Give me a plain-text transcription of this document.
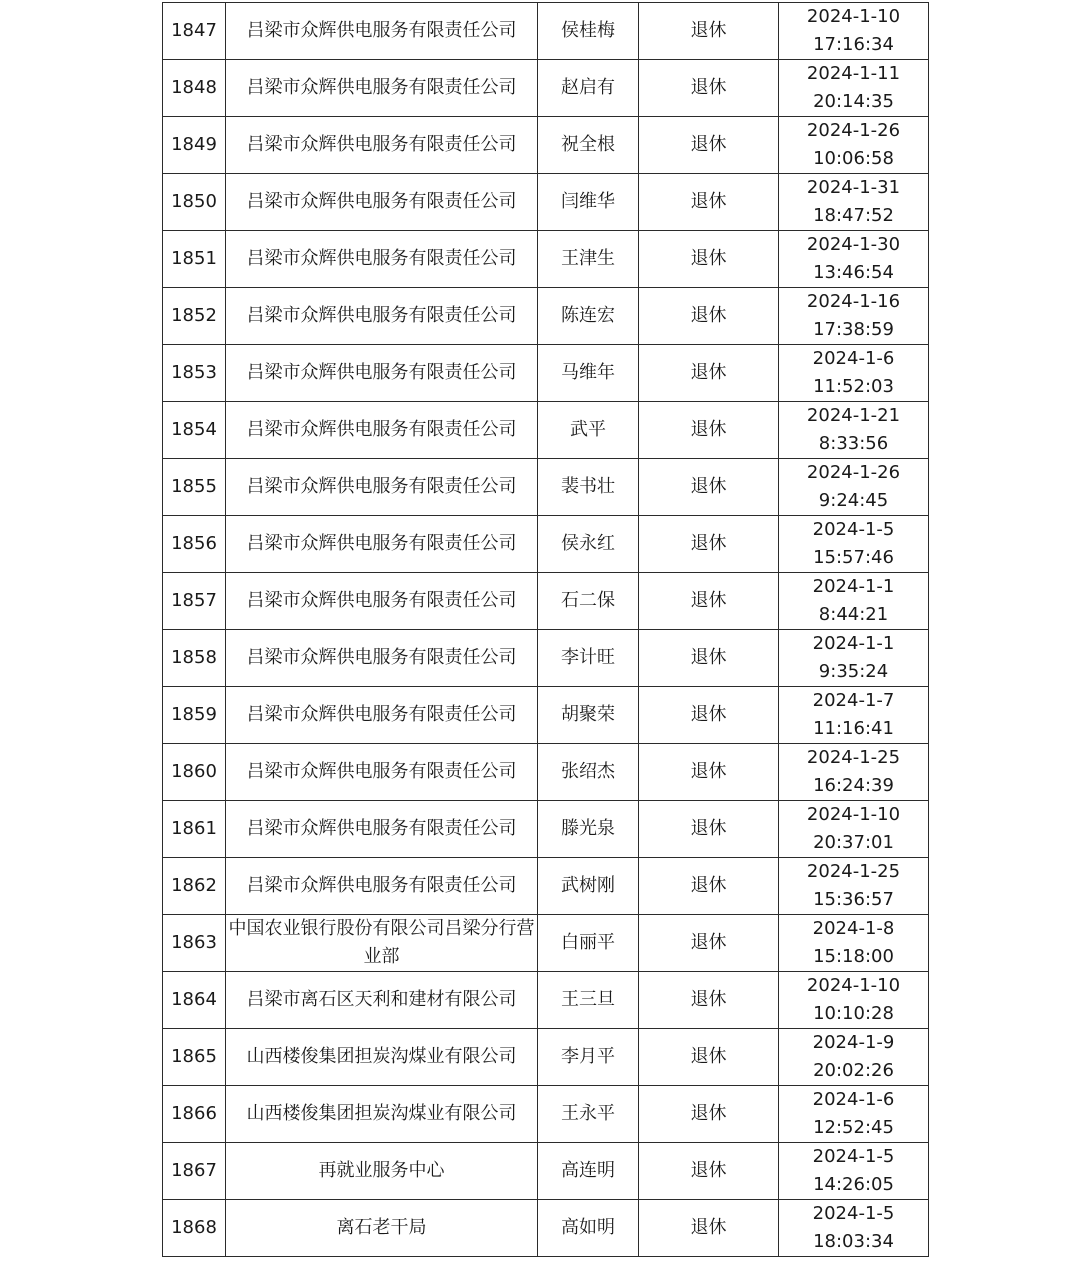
1847	吕梁市众辉供电服务有限责任公司	侯桂梅	退休	2024-1-10
17:16:34

1848	吕梁市众辉供电服务有限责任公司	赵启有	退休	2024-1-11
20:14:35

1849	吕梁市众辉供电服务有限责任公司	祝全根	退休	2024-1-26
10:06:58

1850	吕梁市众辉供电服务有限责任公司	闫维华	退休	2024-1-31
18:47:52

1851	吕梁市众辉供电服务有限责任公司	王津生	退休	2024-1-30
13:46:54

1852	吕梁市众辉供电服务有限责任公司	陈连宏	退休	2024-1-16
17:38:59

1853	吕梁市众辉供电服务有限责任公司	马维年	退休	2024-1-6
11:52:03

1854	吕梁市众辉供电服务有限责任公司	武平	退休	2024-1-21
8:33:56

1855	吕梁市众辉供电服务有限责任公司	裴书壮	退休	2024-1-26
9:24:45

1856	吕梁市众辉供电服务有限责任公司	侯永红	退休	2024-1-5
15:57:46

1857	吕梁市众辉供电服务有限责任公司	石二保	退休	2024-1-1
8:44:21

1858	吕梁市众辉供电服务有限责任公司	李计旺	退休	2024-1-1
9:35:24

1859	吕梁市众辉供电服务有限责任公司	胡聚荣	退休	2024-1-7
11:16:41

1860	吕梁市众辉供电服务有限责任公司	张绍杰	退休	2024-1-25
16:24:39

1861	吕梁市众辉供电服务有限责任公司	滕光泉	退休	2024-1-10
20:37:01

1862	吕梁市众辉供电服务有限责任公司	武树刚	退休	2024-1-25
15:36:57

1863	中国农业银行股份有限公司吕梁分行营业部	白丽平	退休	2024-1-8
15:18:00

1864	吕梁市离石区天利和建材有限公司	王三旦	退休	2024-1-10
10:10:28

1865	山西楼俊集团担炭沟煤业有限公司	李月平	退休	2024-1-9
20:02:26

1866	山西楼俊集团担炭沟煤业有限公司	王永平	退休	2024-1-6
12:52:45

1867	再就业服务中心	高连明	退休	2024-1-5
14:26:05

1868	离石老干局	高如明	退休	2024-1-5
18:03:34
